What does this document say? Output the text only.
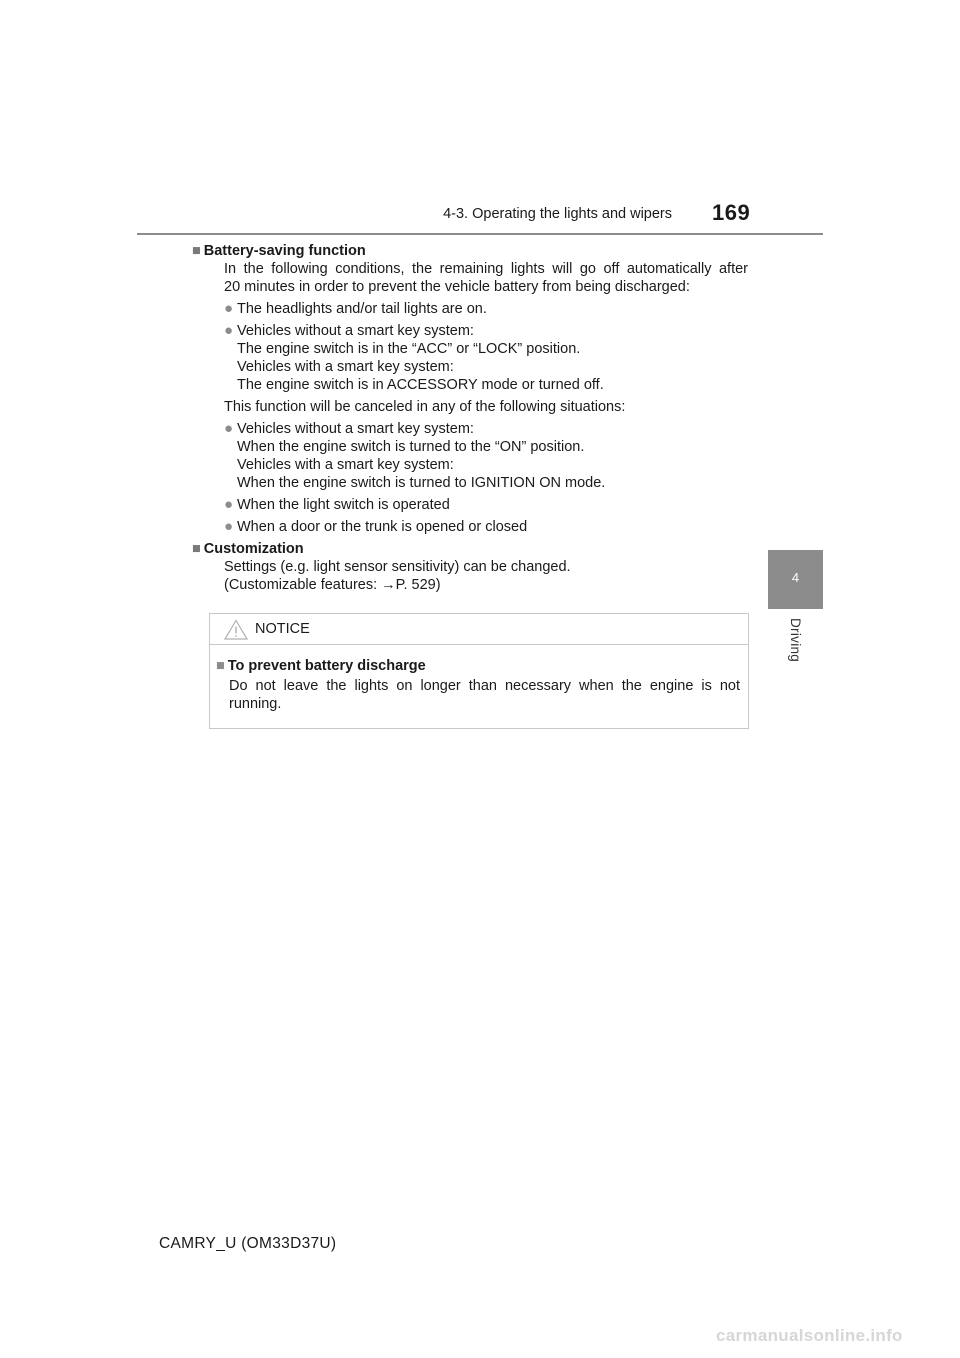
4-3. Operating the lights and wipers 169
4
Driving

■ Battery-saving function

In the following conditions, the remaining lights will go off automatically after
20 minutes in order to prevent the vehicle battery from being discharged:

● The headlights and/or tail lights are on.
● Vehicles without a smart key system:
The engine switch is in the “ACC” or “LOCK” position.
Vehicles with a smart key system:
The engine switch is in ACCESSORY mode or turned off.

This function will be canceled in any of the following situations:

● Vehicles without a smart key system:
When the engine switch is turned to the “ON” position.
Vehicles with a smart key system:
When the engine switch is turned to IGNITION ON mode.
● When the light switch is operated
● When a door or the trunk is opened or closed

■ Customization

Settings (e.g. light sensor sensitivity) can be changed.
(Customizable features: →P. 529)

NOTICE

■ To prevent battery discharge

Do not leave the lights on longer than necessary when the engine is not running.

CAMRY_U (OM33D37U)
carmanualsonline.info
